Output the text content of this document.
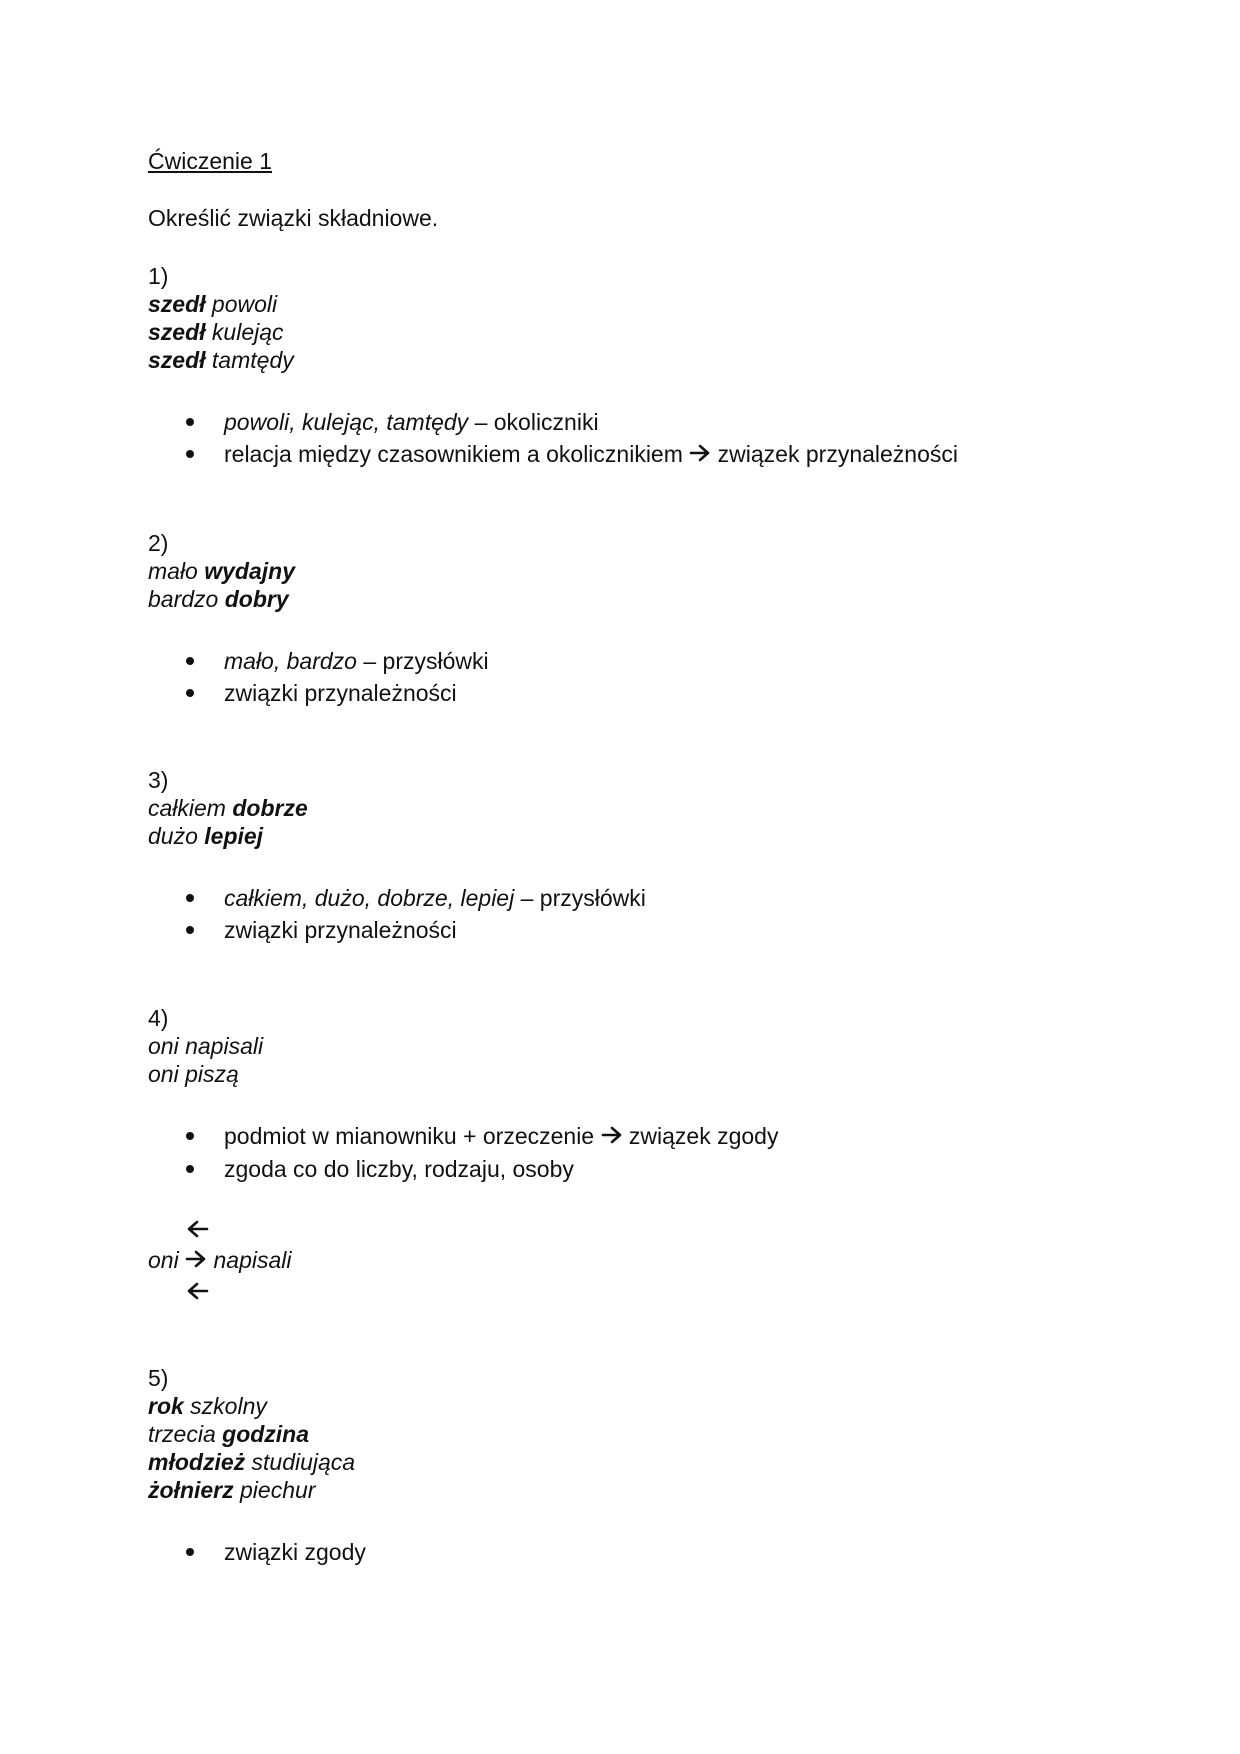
Ćwiczenie 1
Określić związki składniowe.
1)
szedł powoli
szedł kulejąc
szedł tamtędy
powoli, kulejąc, tamtędy – okoliczniki
relacja między czasownikiem a okolicznikiem  związek przynależności
2)
mało wydajny
bardzo dobry
mało, bardzo – przysłówki
związki przynależności
3)
całkiem dobrze
dużo lepiej
całkiem, dużo, dobrze, lepiej – przysłówki
związki przynależności
4)
oni napisali
oni piszą
podmiot w mianowniku + orzeczenie  związek zgody
zgoda co do liczby, rodzaju, osoby
oni napisali
5)
rok szkolny
trzecia godzina
młodzież studiująca
żołnierz piechur
związki zgody
